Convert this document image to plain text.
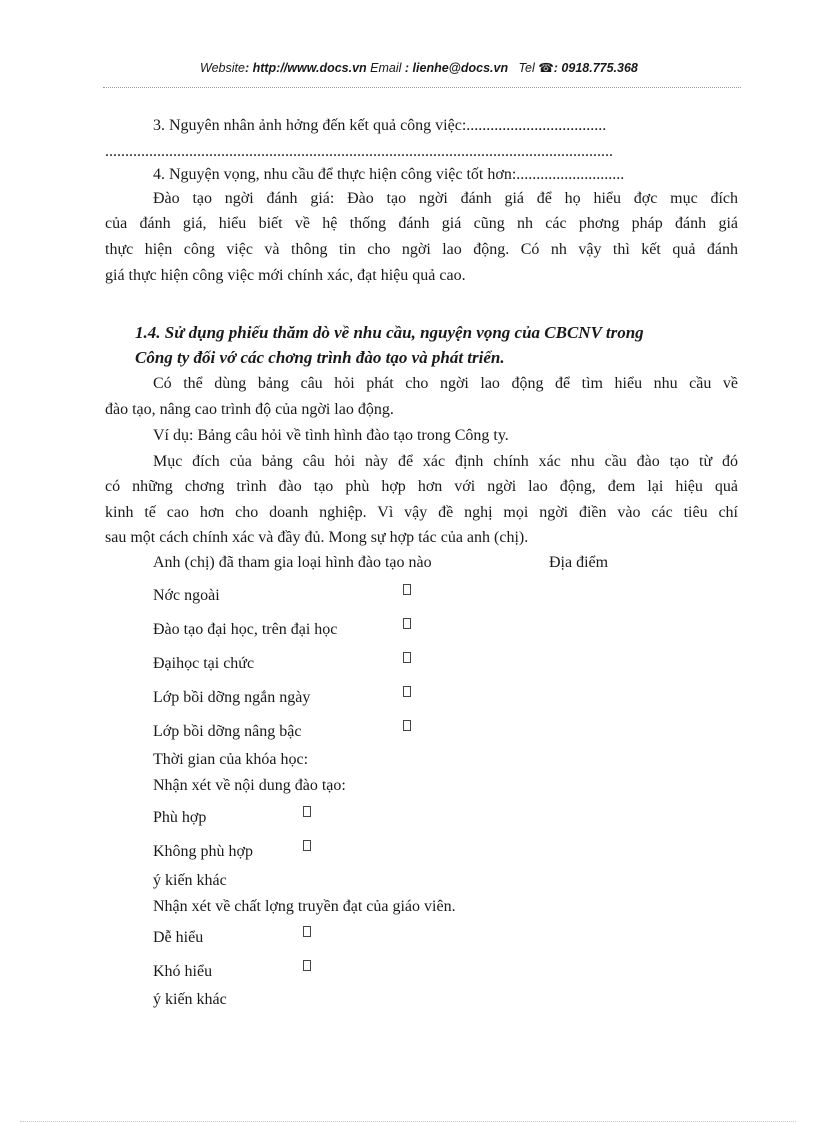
Website: http://www.docs.vn Email : lienhe@docs.vn   Tel ☎: 0918.775.368
3. Nguyên nhân ảnh hởng đến kết quả công việc:...................................
...............................................................................................................................
4. Nguyện vọng, nhu cầu để thực hiện công việc tốt hơn:...........................
Đào tạo ngời đánh giá: Đào tạo ngời đánh giá để họ hiểu đợc mục đích
của đánh giá, hiểu biết về hệ thống đánh giá cũng nh các phơng pháp đánh giá
thực hiện công việc và thông tin cho ngời lao động. Có nh vậy thì kết quả đánh
giá thực hiện công việc mới chính xác, đạt hiệu quả cao.
1.4. Sử dụng phiếu thăm dò về nhu cầu, nguyện vọng của CBCNV trong
Công ty đối vớ các chơng trình đào tạo và phát triển.
Có thể dùng bảng câu hỏi phát cho ngời lao động để tìm hiểu nhu cầu về
đào tạo, nâng cao trình độ của ngời lao động.
Ví dụ: Bảng câu hỏi về tình hình đào tạo trong Công ty.
Mục đích của bảng câu hỏi này để xác định chính xác nhu cầu đào tạo từ đó
có những chơng trình đào tạo phù hợp hơn với ngời lao động, đem lại hiệu quả
kinh tế cao hơn cho doanh nghiệp. Vì vậy đề nghị mọi ngời điền vào các tiêu chí
sau một cách chính xác và đầy đủ. Mong sự hợp tác của anh (chị).
Anh (chị) đã tham gia loại hình đào tạo nào	Địa điểm
Nớc ngoài
Đào tạo đại học, trên đại học
Đạihọc tại chức
Lớp bồi dỡng ngắn ngày
Lớp bồi dỡng nâng bậc
Thời gian của khóa học:
Nhận xét về nội dung đào tạo:
Phù hợp
Không phù hợp
ý kiến khác
Nhận xét về chất lợng truyền đạt của giáo viên.
Dễ hiểu
Khó hiểu
ý kiến khác
